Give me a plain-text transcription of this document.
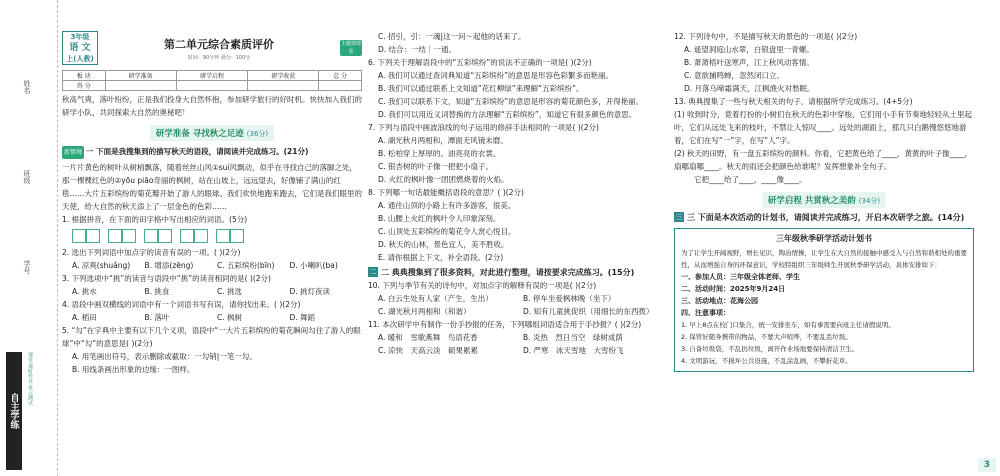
姓名
班级
学号
自主学练
课堂·课时作业·单元测试
3年级
语 文
上(人教)
第二单元综合素质评价
时间：90分钟 满分：100分
主题情境卷
板 块	研学准备	研学启程	研学收获	总 分
得 分				
秋高气爽，落叶纷纷，正是我们投身大自然怀抱，参加研学旅行的好时机。快快加入我们的研学小队，共同探索大自然的奥秘吧！
研学准备 寻找秋之足迹 (36分)
新情境 一 下面是我搜集到的描写秋天的语段，请阅读并完成练习。(21分)
一片片黄色的树叶从树梢飘落，随着丝丝山风①suí风飘动，似乎在寻找自己的落脚之处，那一棵棵红色的②yōu piāo奇丽的枫树，站在山坡上，远远望去，好像铺了满山的红毯……大片五彩缤纷的菊花瓣开始了游人的眼球。我们欢快地跑来跑去，它们是我们眼里的天使，给大自然的秋天添上了一层金色的色彩……
1. 根据拼音，在下面的田字格中写出相应的词语。(5分)
2. 选出下列词语中加点字的读音有误的一项。( )(2分)
A. 凉爽(shuǎng)	B. 增添(zēng)	C. 五彩缤纷(bīn)	D. 小喇叭(ba)
3. 下列选项中“挑”的读音与语段中“挑”的读音相同的是( )(2分)
A. 挑水	B. 挑食	C. 挑选	D. 挑灯夜读
4. 语段中画双横线的词语中有一个词语书写有误，请你找出来。( )(2分)
A. 稻田	B. 落叶	C. 枫树	D. 舞蹈
5. “勾”在字典中主要有以下几个义项，语段中“一大片五彩缤纷的菊花瞬间勾住了游人的眼球”中“勾”的意思是( )(2分)
A. 用笔画出符号，表示删除或截取：一勾销|一笔一勾。
B. 用线条画出形象的边缘：一图样。
C. 招引，引：一魂|这一问～起他的话来了。
D. 结合：一结｜一通。
6. 下列关于理解语段中的“五彩缤纷”的说法不正确的一项是( )(2分)
A. 我们可以通过查词典知道“五彩缤纷”的意思是形容色彩繁多而艳丽。
B. 我们可以通过联系上文知道“花红柳绿”来理解“五彩缤纷”。
C. 我们可以联系下文，知道“五彩缤纷”的意思是形容的菊花颜色多，开得艳丽。
D. 我们可以用近义词替换的方法理解“五彩缤纷”，知道它有很多颜色的意思。
7. 下列与语段中画波浪线的句子运用的修辞手法相同的一项是( )(2分)
A. 湖光秋月两相和，潭面无风镜未磨。
B. 松柏穿上厚厚的、油亮亮的衣裳。
C. 银杏树的叶子像一把把小扇子。
D. 火红的枫叶像一团团燃烧着的火焰。
8. 下列哪一句话最能概括语段的意思？( )(2分)
A. 通往山顶的小路上有许多游客，很美。
B. 山腰上火红的枫叶令人印象深刻。
C. 山顶处五彩缤纷的菊花令人赏心悦目。
D. 秋天的山林，景色宜人，美不胜收。
E. 请你根据上下文，补全语段。(2分)
二 二 典典搜集到了很多资料，对此进行整理，请按要求完成练习。(15分)
10. 下列与季节有关的诗句中，对加点字的解释有误的一项是( )(2分)
A. 白云生处有人家（产生，生出）	B. 停车坐爱枫林晚（坐下）
C. 湖光秋月两相和（和谐）	D. 知有儿童挑促织（用细长的东西拨）
11. 本次研学中有制作一份手抄报的任务，下列哪组词语适合用于手抄报？( )(2分)
A. 暖和　雪歌燕舞　鸟语花香	B. 炎热　烈日当空　绿树成荫
C. 凉快　天高云淡　硕果累累	D. 严寒　冰天雪地　大雪纷飞
12. 下列诗句中，不是描写秋天的景色的一项是( )(2分)
A. 遥望洞庭山水翠，白银盘里一青螺。
B. 萧萧梧叶送寒声，江上秋风动客情。
C. 意欲捕鸣蝉，忽然闭口立。
D. 月落乌啼霜满天，江枫渔火对愁眠。
13. 典典搜集了一些与秋天相关的句子，请根据所学完成练习。(4+5分)
(1) 收到时分，竟着打扮的小树们在秋天的色彩中穿梭，它们用小手有节奏地轻轻从土里起叶，它们从远处飞来的枝叶，不禁让人惊叹____。远处的湖面上，那几只白鹅慢悠悠地游着，它们在写“一”字，在写“人”字。
(2) 秋天的田野，有一盘五彩缤纷的颜料。你看，它把黄色给了____，黄黄的叶子像____，扇哪扇哪____。秋天的雨还会把颜色给谁呢？发挥想象补全句子。
它把____给了____，____像____。
研学启程 共赏秋之美韵 (34分)
三 三 下面是本次活动的计划书，请阅读并完成练习，开启本次研学之旅。(14分)
三年级秋季研学活动计划书
为了让学生开阔视野，增长见识，陶冶情操，让学生在大自然的接触中感受人与自然和谐相处的重要性，从而增强自身的环保意识，学校特组织三年级师生开展秋季研学活动，具体安排如下：
一、参加人员：三年级全体老师、学生
二、活动时间：2025年9月24日
三、活动地点：花海公园
四、注意事项：
1. 早上8点在校门口集合，统一安排坐车，如有事需要向班主任请假说明。
2. 保管好随身携带的物品，不要大声喧哗，不要乱丢垃圾。
3. 自备垃圾袋，不乱扔垃圾，离开作业场地要保持清洁卫生。
4. 文明游玩，不损坏公共设施，不乱涂乱画，不攀折花草。
3
